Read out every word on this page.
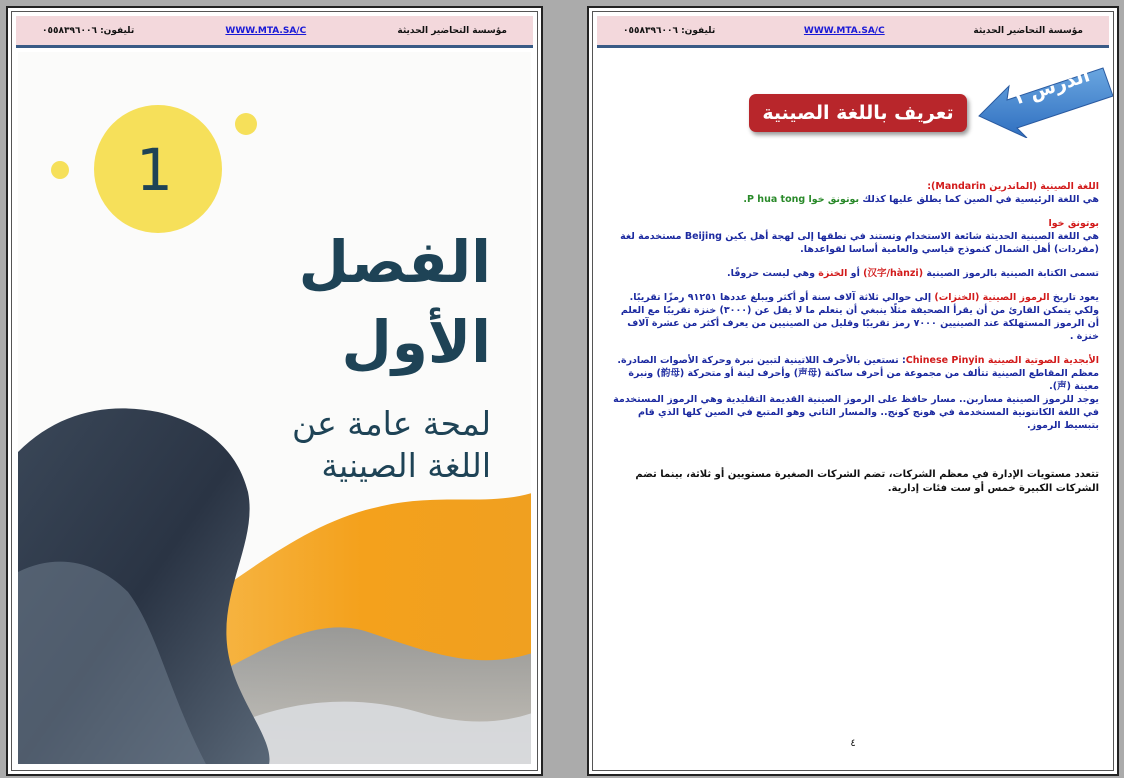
تليفون: ٠٥٥٨٣٩٦٠٠٦	WWW.MTA.SA/C	مؤسسة التحاضير الحديثة
1
الفصل
الأول
لمحة عامة عن
اللغة الصينية
تليفون: ٠٥٥٨٣٩٦٠٠٦	WWW.MTA.SA/C	مؤسسة التحاضير الحديثة
الدرس ١
تعريف باللغة الصينية

اللغة الصينية (الماندرين Mandarin):
هي اللغة الرئيسية في الصين كما يطلق عليها كذلك بوتونق خوا P hua tong.

بوتونق خوا
هي اللغة الصينية الحديثة شائعة الاستخدام وتستند في نطقها إلى لهجة أهل بكين Beijing مستخدمة لغة (مفردات) أهل الشمال كنموذج قياسي والعامية أساسا لقواعدها.

تسمى الكتابة الصينية بالرموز الصينية (汉字/hànzi) أو الخنزة وهي ليست حروفًا.

يعود تاريخ الرموز الصينية (الخنزات) إلى حوالي ثلاثة آلاف سنة أو أكثر ويبلغ عددها ٩١٢٥١ رمزًا تقريبًا. ولكي يتمكن القارئ من أن يقرأ الصحيفة مثلًا ينبغي أن يتعلم ما لا يقل عن (٣٠٠٠) خنزة تقريبًا مع العلم أن الرموز المستهلكة عند الصينيين ٧٠٠٠ رمز تقريبًا وقليل من الصينيين من يعرف أكثر من عشرة آلاف خنزة .

الأبجدية الصوتية الصينية Chinese Pinyin: تستعين بالأحرف اللاتينية لتبين نبرة وحركة الأصوات الصادرة.
معظم المقاطع الصينية تتألف من مجموعة من أحرف ساكنة (声母) وأحرف لينة أو متحركة (韵母) ونبرة معينة (声).
يوجد للرموز الصينية مساربن.. مسار حافظ على الرموز الصينية القديمة التقليدية وهي الرموز المستخدمة في اللغة الكانتونية المستخدمة في هونج كونج.. والمسار الثاني وهو المتبع في الصين كلها الذي قام بتبسيط الرموز.

تتعدد مستويات الإدارة في معظم الشركات، تضم الشركات الصغيرة مستويين أو ثلاثة، بينما تضم الشركات الكبيرة خمس أو ست فئات إدارية.

٤
